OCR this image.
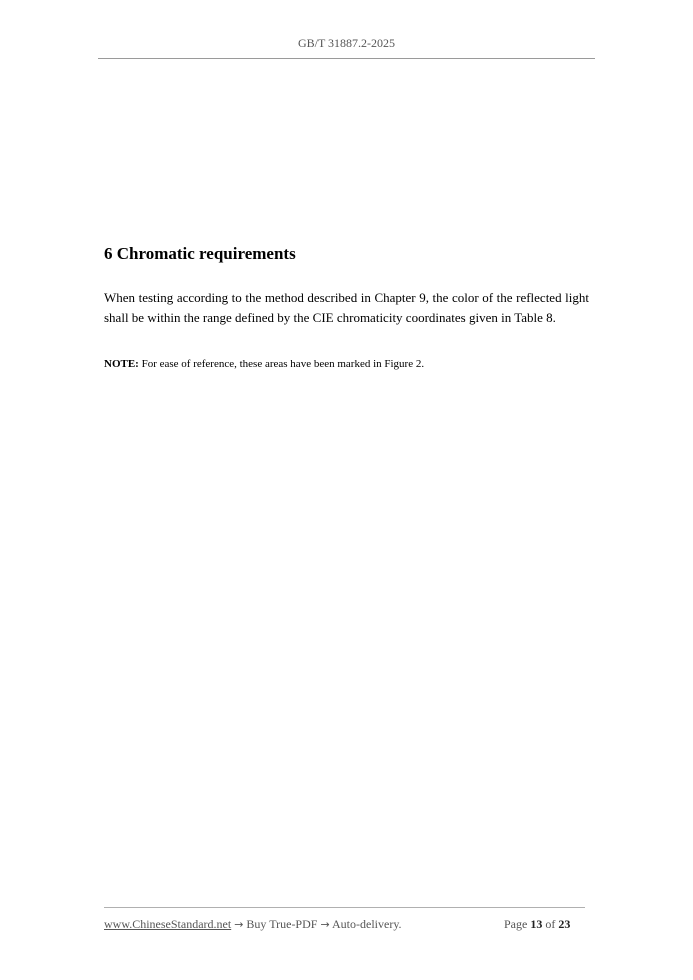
GB/T 31887.2-2025
6 Chromatic requirements

When testing according to the method described in Chapter 9, the color of the reflected light shall be within the range defined by the CIE chromaticity coordinates given in Table 8.

NOTE: For ease of reference, these areas have been marked in Figure 2.

www.ChineseStandard.net → Buy True-PDF → Auto-delivery.	Page 13 of 23
